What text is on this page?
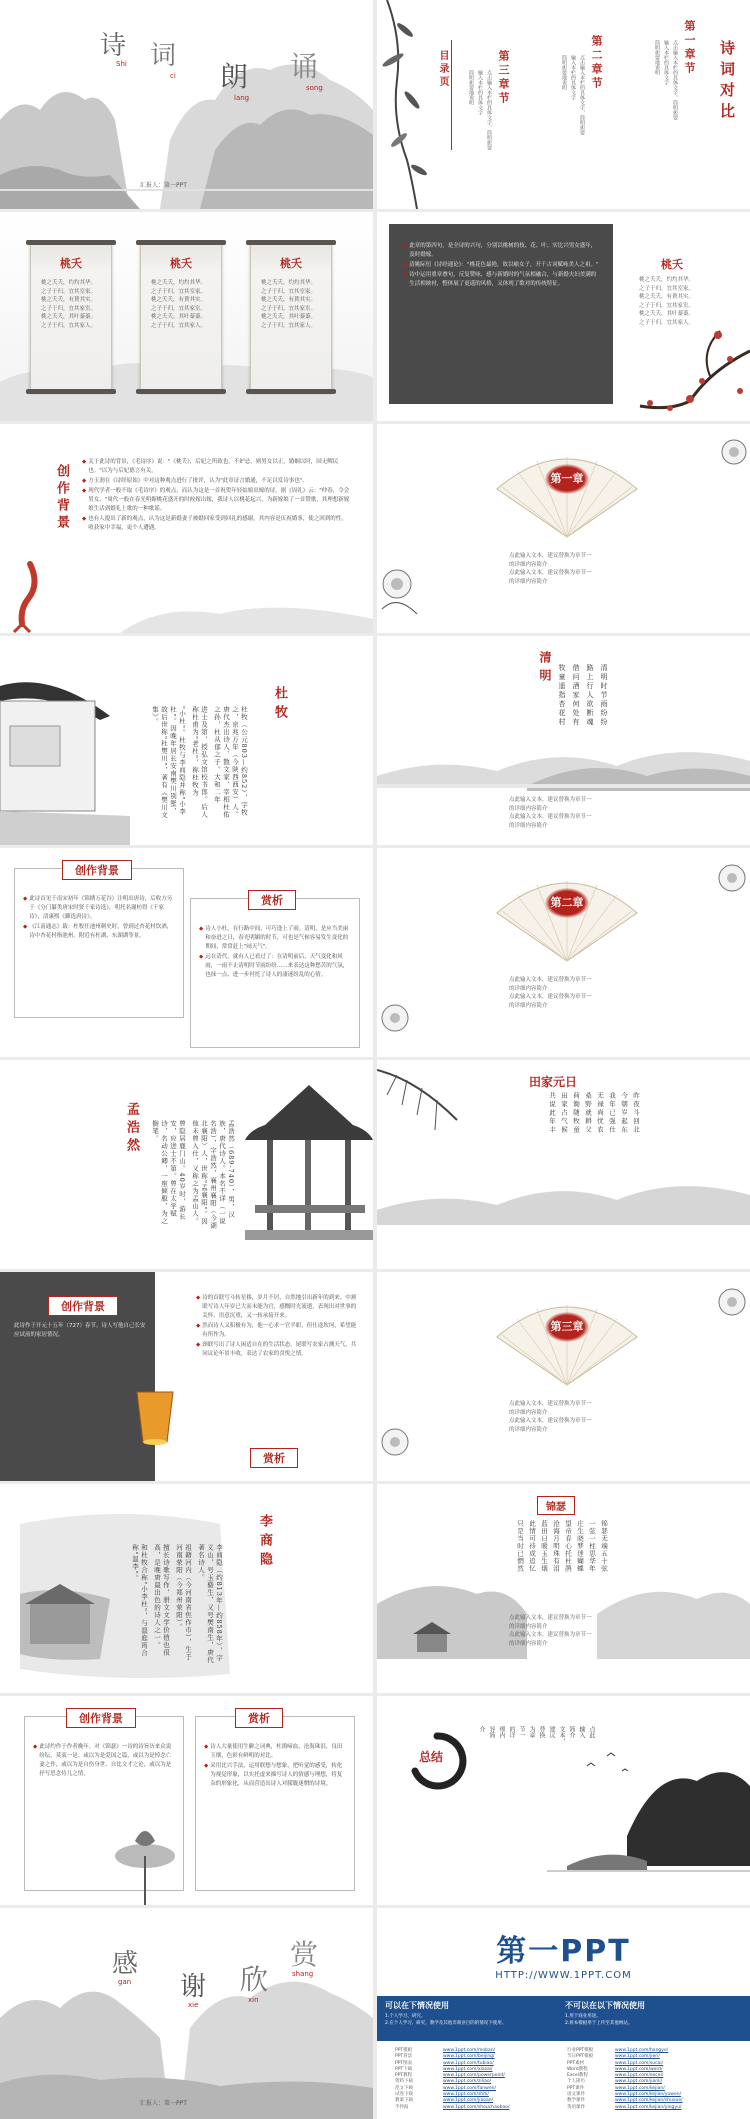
诗
Shi 词
ci 朗
lang
诵
song
汇报人：第一PPT
目录页	第一章节
点击输入本栏的具体文字，简明扼要
输入本栏的具体文字
简明扼要地说明
第二章节
点击输入本栏的具体文字，简明扼要
输入本栏的具体文字
简明扼要地说明
第三章节
点击输入本栏的具体文字，简明扼要
输入本栏的具体文字
简明扼要地说明	诗词对比
桃夭
桃之夭夭，灼灼其华。
之子于归，宜其室家。
桃之夭夭，有蕡其实。
之子于归，宜其家室。
桃之夭夭，其叶蓁蓁。
之子于归，宜其家人。
桃夭
桃之夭夭，灼灼其华。
之子于归，宜其室家。
桃之夭夭，有蕡其实。
之子于归，宜其家室。
桃之夭夭，其叶蓁蓁。
之子于归，宜其家人。
桃夭
桃之夭夭，灼灼其华。
之子于归，宜其室家。
桃之夭夭，有蕡其实。
之子于归，宜其家室。
桃之夭夭，其叶蓁蓁。
之子于归，宜其家人。
◆ 此章的第四句，是全诗的兴句，分别以桃树的枝、花、叶、实比兴男女盛年，及时婚嫁。
◆ 清姚际恒《诗经通论》："桃花色最艳，故以喻女子，开千古词赋咏美人之祖。"
◆ 诗中运用重章叠句，反复赞咏，感与新婚时的气氛相融合，与新婚夫妇美满的生活相映衬，整体展了更遥的风格，又体现了歌对的传统特征。
桃夭
桃之夭夭，灼灼其华。
之子于归，宜其室家。
桃之夭夭，有蕡其实。
之子于归，宜其家室。
桃之夭夭，其叶蓁蓁。
之子于归，宜其家人。
创作背景
◆ 关于此诗的背景，《毛诗序》说："《桃夭》，后妃之所致也。不妒忌，则男女以正，婚姻以时，国无鳏民也。"以为与后妃德言有关。
◆ 方玉润在《诗经原始》中对这种观点进行了批评，认为"此章证言婚通，不足以发诗事也"。
◆ 现代学者一般不取《毛诗序》的观点，而认为这是一首祝贺年轻姑娘出嫁的诗。据《周礼》云："仲春，令会男女。"周代一般在春光明媚桃花盛开的时候嫁出嫁，我诗人以桃花起兴，为新嫁娘了一首赞歌，其理想新嫁娘生活到婚礼上歌的一种歌谣。
◆ 也有人提出了新的观点，认为这是新婚妻子被婚回家受到回礼的感谢，其内容是庆祝婚事，使之回到的性，收获家中幸福，更个人遭遇。
第一章
点此输入文本，建议替换为章节一
的详细内容简介
点此输入文本，建议替换为章节一
的详细内容简介
杜牧
杜牧（公元803—约852），字牧之，京兆万年（今陕西西安）人。唐代杰出诗人、散文家，宰相杜佑之孙，杜从郁之子。大和二年
进士及第，授弘文馆校书郎。后人称杜甫为"老杜"，称杜牧为
"小杜"。杜牧与李商隐并称"小李杜"。因晚年居长安南樊川别墅，故后世称"杜樊川"，著有《樊川文集》。
清明	清明时节雨纷纷
路上行人欲断魂
借问酒家何处有
牧童遥指杏花村
点此输入文本，建议替换为章节一
的详细内容简介
点此输入文本，建议替换为章节一
的详细内容简介
◆ 此诗首见于南宋初年《锦绣万花谷》注明出唐诗，后收方另于《分门纂类唐宋时贤千家诗选》，明托名谢枋得《千家诗》，清康熙《御选唐诗》。
◆ 《江南通志》载：杜牧任池州刺史时，曾到过杏花村饮酒，诗中杏花村指池州。附近有杜湖、东湖湖等景。
创作背景
◆ 诗人小杜，在行路中间，可巧逢上了雨。清明，是应当美丽和奋进之日，春光明媚的时节，可也是气候容易发生变化的期间，常常赶上"闹天气"。
◆ 远在清代，就有人已看过了：在清明前后，天气变化和风雨，一雨不止清明时节雨纷纷……来表达这种愁苦的气氛，也抹一点、进一步衬托了诗人的凄迷纷乱的心情。
赏析	第二章
点此输入文本，建议替换为章节一
的详细内容简介
点此输入文本，建议替换为章节一
的详细内容简介
孟浩然	孟浩然（689-740），男，汉族，唐代诗人。本名不详（一说名浩），字浩然，襄州襄阳（今湖北襄阳）人，世称"孟襄阳"。因他未曾入仕，又称之为孟山人。
曾隐居鹿门山。40岁时，游长安，应进士不第。曾在太学赋诗，名动公卿，一座倾服，为之搁笔。
田家元日
昨夜斗回北
今朝岁起东
我年已强仕
无禄尚忧农
桑野就耕父
荷锄随牧童
田家占气候
共说此年丰
创作背景
此诗作于开元十五年（727）春节。诗人写他自己长安应试前的家居情况。
◆ 诗的首联写斗转星移，岁月不居，自然地引出新年的到来。中颔联写诗人年岁已大而未能为官，感慨时光流逝，表现出对世事的关怀，语意沉重，又一转承接开来。
◆ 然而诗人又积极有为，他一心求一官半职，但仕途坎坷，希望能有所作为。
◆ 颈联写出了诗人闲适自在的生活状态。尾联写农家占测天气，共同议论年景丰收，表达了农家的喜悦之情。
赏析
第三章
点此输入文本，建议替换为章节一
的详细内容简介
点此输入文本，建议替换为章节一
的详细内容简介
李商隐
李商隐（约813年—约858年），字义山，号玉谿生，又号樊南生，唐代著名诗人。
祖籍河内（今河南省焦作市），生于河南荥阳（今郑州荥阳）。
擅长诗歌写作，骈文文学价值也很高，是晚唐最出色的诗人之一。
和杜牧合称"小李杜"，与温庭筠合称"温李"。
锦瑟
锦瑟无端五十弦
一弦一柱思华年
庄生晓梦迷蝴蝶
望帝春心托杜鹃
沧海月明珠有泪
蓝田日暖玉生烟
此情可待成追忆
只是当时已惘然
点此输入文本，建议替换为章节一
的详细内容简介
点此输入文本，建议替换为章节一
的详细内容简介
◆ 此诗约作于作者晚年。对《锦瑟》一诗的诗旨历来众说纷纭，莫衷一是。或以为是爱国之篇，或以为是悼念亡妻之作，或以为是自伤身世、自比文才之论，或以为是抒写思念侍儿之情，
创作背景
◆ 诗人大量使用生僻之词典，杜鹃啼血，沧海珠泪，良田玉烟，色彩有鲜明的对比。
◆ 采用比兴手法，运用联想与想象，把听觉的感受，转化为视觉形象，以实托虚来描写诗人的情感与理想，将复杂的形象化，从而营造出诗人对朦胧迷惘的诗境。
赏析
总结
点此
输入
简介
文本，
建议
替换
为章
节一
的详
细内
容简
介
感
gan 谢
xie
欣
xin
赏
shang
汇报人：第一PPT
第一PPT
HTTP://WWW.1PPT.COM
可以在下情况使用
1.个人学习、研究。
2.在个人学习、研究、教学及其他非商业目的的情况下使用。
不可以在以下情况使用
1.用于商业用途。
2.将本模板用于上传至其他网站。
PPT模板	www.1ppt.com/moban/
PPT背景	www.1ppt.com/beijing/
PPT图表	www.1ppt.com/tubiao/
PPT下载	www.1ppt.com/xiazai/
PPT教程	www.1ppt.com/powerpoint/
资料下载	www.1ppt.com/ziliao/
范文下载	www.1ppt.com/fanwen/
试卷下载	www.1ppt.com/shiti/
教案下载	www.1ppt.com/jiaoan/
手抄报	www.1ppt.com/shouchaobao/
行业PPT模板	www.1ppt.com/hangye/
节日PPT模板	www.1ppt.com/jieri/
PPT素材	www.1ppt.com/sucai/
Word教程	www.1ppt.com/word/
Excel教程	www.1ppt.com/excel/
个人简历	www.1ppt.com/jianli/
PPT课件	www.1ppt.com/kejian/
语文课件	www.1ppt.com/kejian/yuwen/
数学课件	www.1ppt.com/kejian/shuxue/
英语课件	www.1ppt.com/kejian/yingyu/
